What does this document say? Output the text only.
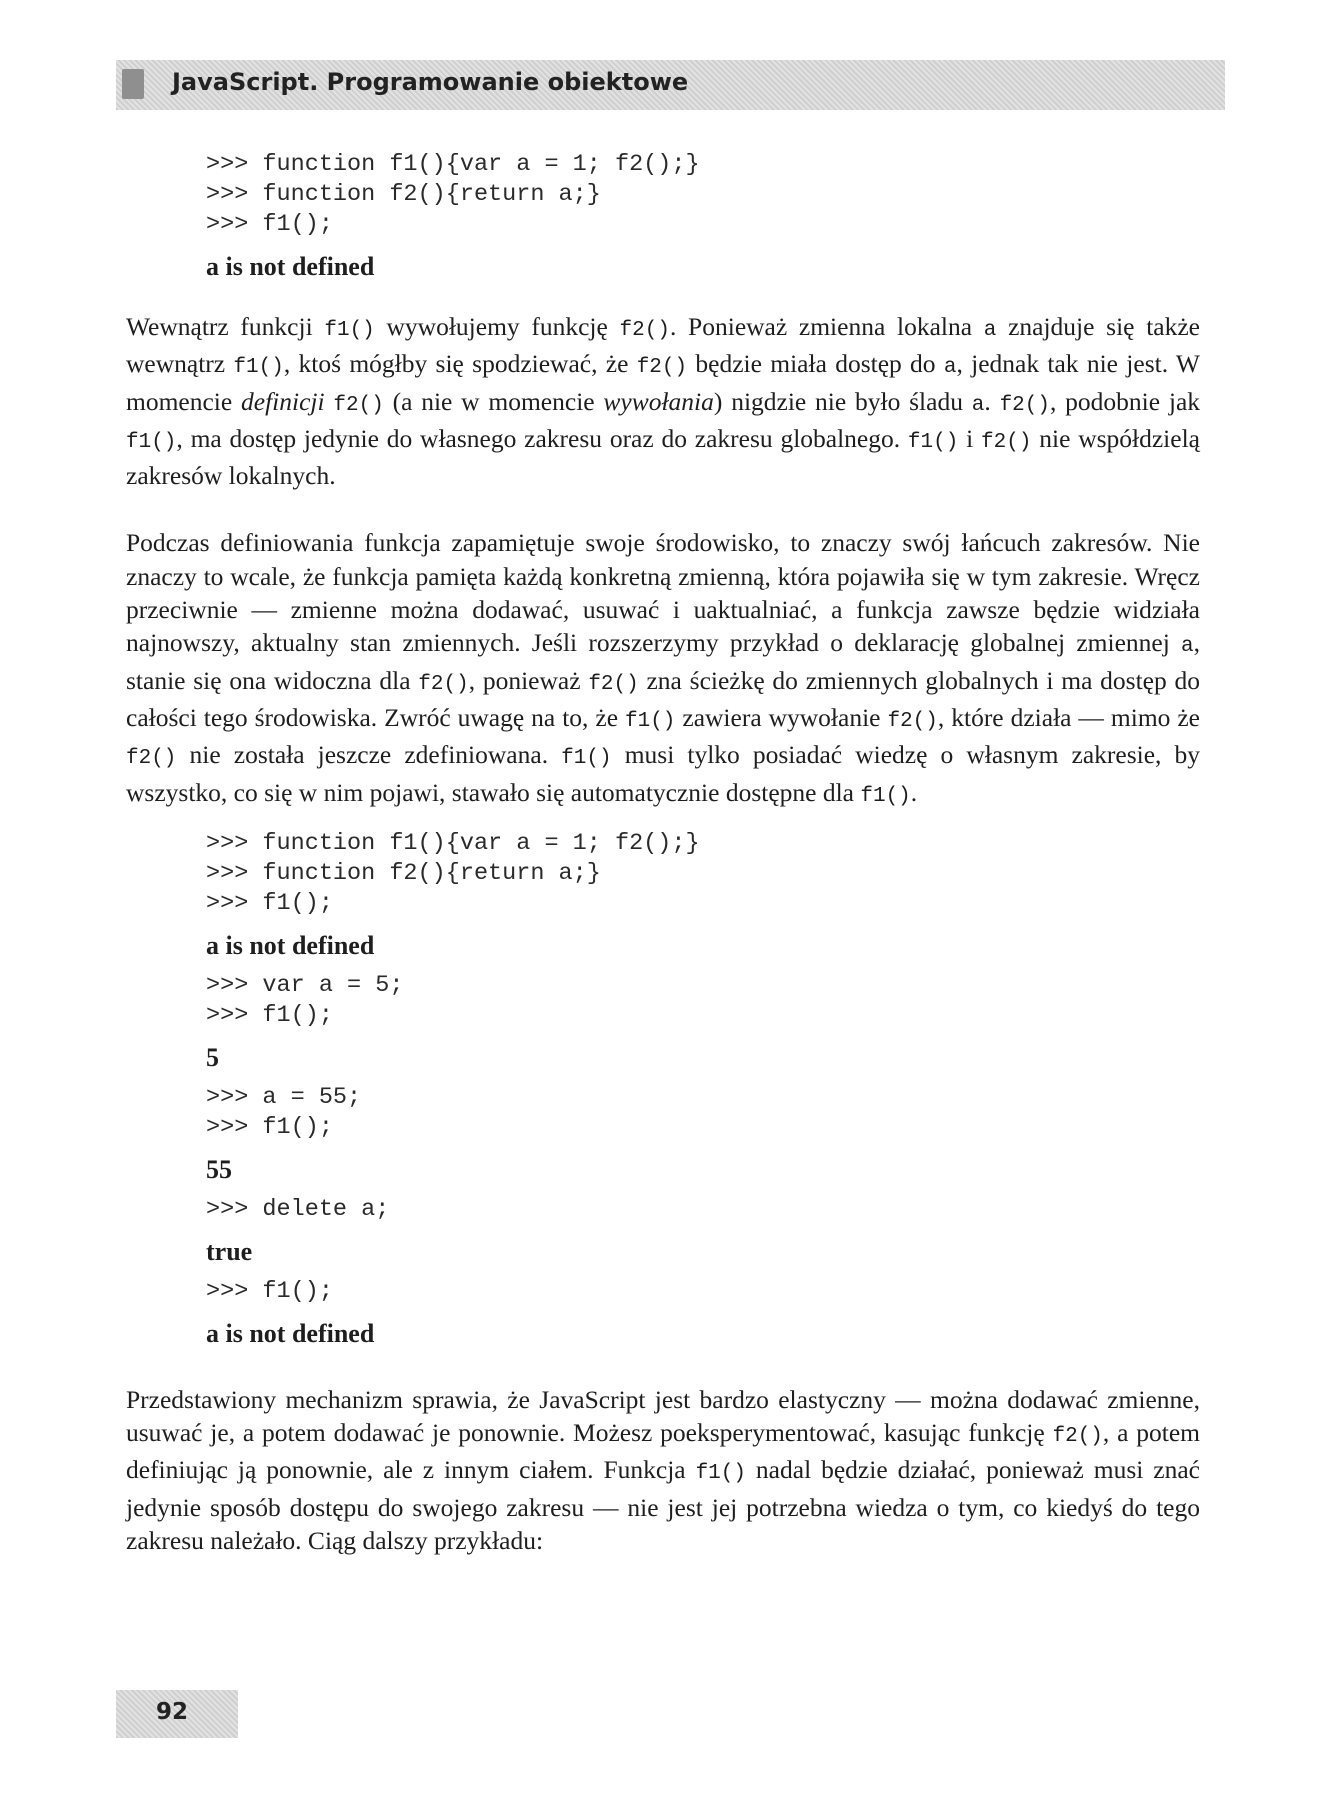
JavaScript. Programowanie obiektowe
>>> function f1(){var a = 1; f2();}
>>> function f2(){return a;}
>>> f1();
a is not defined
Wewnątrz funkcji f1() wywołujemy funkcję f2(). Ponieważ zmienna lokalna a znajduje się także wewnątrz f1(), ktoś mógłby się spodziewać, że f2() będzie miała dostęp do a, jednak tak nie jest. W momencie definicji f2() (a nie w momencie wywołania) nigdzie nie było śladu a. f2(), podobnie jak f1(), ma dostęp jedynie do własnego zakresu oraz do zakresu globalnego. f1() i f2() nie współdzielą zakresów lokalnych.
Podczas definiowania funkcja zapamiętuje swoje środowisko, to znaczy swój łańcuch zakresów. Nie znaczy to wcale, że funkcja pamięta każdą konkretną zmienną, która pojawiła się w tym zakresie. Wręcz przeciwnie — zmienne można dodawać, usuwać i uaktualniać, a funkcja zawsze będzie widziała najnowszy, aktualny stan zmiennych. Jeśli rozszerzymy przykład o deklarację globalnej zmiennej a, stanie się ona widoczna dla f2(), ponieważ f2() zna ścieżkę do zmiennych globalnych i ma dostęp do całości tego środowiska. Zwróć uwagę na to, że f1() zawiera wywołanie f2(), które działa — mimo że f2() nie została jeszcze zdefiniowana. f1() musi tylko posiadać wiedzę o własnym zakresie, by wszystko, co się w nim pojawi, stawało się automatycznie dostępne dla f1().
>>> function f1(){var a = 1; f2();}
>>> function f2(){return a;}
>>> f1();
a is not defined
>>> var a = 5;
>>> f1();
5
>>> a = 55;
>>> f1();
55
>>> delete a;
true
>>> f1();
a is not defined
Przedstawiony mechanizm sprawia, że JavaScript jest bardzo elastyczny — można dodawać zmienne, usuwać je, a potem dodawać je ponownie. Możesz poeksperymentować, kasując funkcję f2(), a potem definiując ją ponownie, ale z innym ciałem. Funkcja f1() nadal będzie działać, ponieważ musi znać jedynie sposób dostępu do swojego zakresu — nie jest jej potrzebna wiedza o tym, co kiedyś do tego zakresu należało. Ciąg dalszy przykładu:
92
